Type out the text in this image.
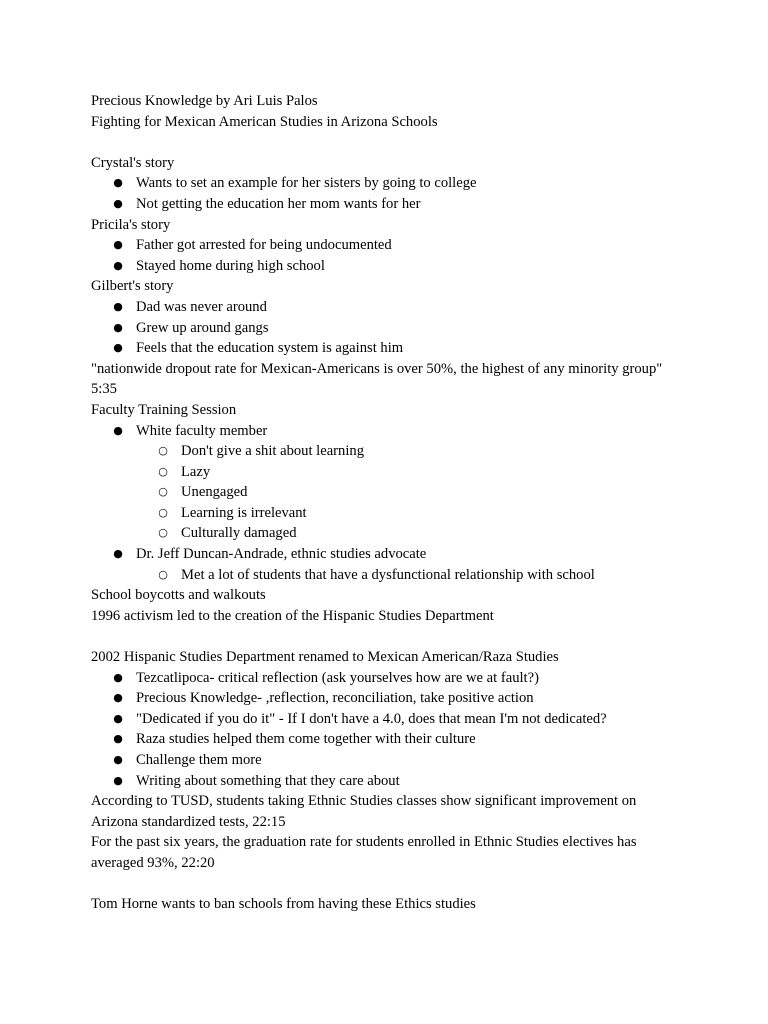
Precious Knowledge by Ari Luis Palos

Fighting for Mexican American Studies in Arizona Schools

Crystal's story

● Wants to set an example for her sisters by going to college
● Not getting the education her mom wants for her

Pricila's story

● Father got arrested for being undocumented
● Stayed home during high school

Gilbert's story

● Dad was never around
● Grew up around gangs
● Feels that the education system is against him

"nationwide dropout rate for Mexican-Americans is over 50%, the highest of any minority group" 5:35

Faculty Training Session

● White faculty member
○ Don't give a shit about learning
○ Lazy
○ Unengaged
○ Learning is irrelevant
○ Culturally damaged
● Dr. Jeff Duncan-Andrade, ethnic studies advocate
○ Met a lot of students that have a dysfunctional relationship with school

School boycotts and walkouts

1996 activism led to the creation of the Hispanic Studies Department

2002 Hispanic Studies Department renamed to Mexican American/Raza Studies

● Tezcatlipoca- critical reflection (ask yourselves how are we at fault?)
● Precious Knowledge- ,reflection, reconciliation, take positive action
● "Dedicated if you do it" - If I don't have a 4.0, does that mean I'm not dedicated?
● Raza studies helped them come together with their culture
● Challenge them more
● Writing about something that they care about

According to TUSD, students taking Ethnic Studies classes show significant improvement on

Arizona standardized tests, 22:15

For the past six years, the graduation rate for students enrolled in Ethnic Studies electives has

averaged 93%, 22:20

Tom Horne wants to ban schools from having these Ethics studies
